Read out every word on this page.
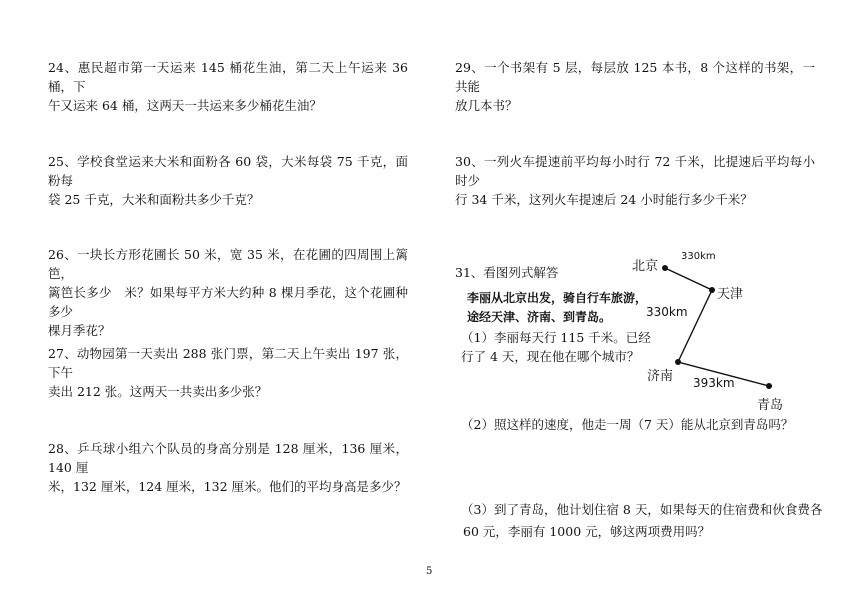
24、惠民超市第一天运来 145 桶花生油，第二天上午运来 36 桶，下
午又运来 64 桶，这两天一共运来多少桶花生油？
25、学校食堂运来大米和面粉各 60 袋，大米每袋 75 千克，面粉每
袋 25 千克，大米和面粉共多少千克？
26、一块长方形花圃长 50 米，宽 35 米，在花圃的四周围上篱笆，
篱笆长多少　米？如果每平方米大约种 8 棵月季花，这个花圃种多少
棵月季花？
27、动物园第一天卖出 288 张门票，第二天上午卖出 197 张，下午
卖出 212 张。这两天一共卖出多少张？
28、乒乓球小组六个队员的身高分别是 128 厘米，136 厘米，140 厘
米，132 厘米，124 厘米，132 厘米。他们的平均身高是多少？
29、一个书架有 5 层，每层放 125 本书，8 个这样的书架，一共能
放几本书？
30、一列火车提速前平均每小时行 72 千米，比提速后平均每小时少
行 34 千米，这列火车提速后 24 小时能行多少千米？
31、看图列式解答
李丽从北京出发，骑自行车旅游，
途经天津、济南、到青岛。
（1）李丽每天行 115 千米。已经
行了 4 天，现在他在哪个城市？
（2）照这样的速度，他走一周（7 天）能从北京到青岛吗？
（3）到了青岛，他计划住宿 8 天，如果每天的住宿费和伙食费各
60 元，李丽有 1000 元，够这两项费用吗？
北京
330km
天津
330km
济南 393km
青岛
5
